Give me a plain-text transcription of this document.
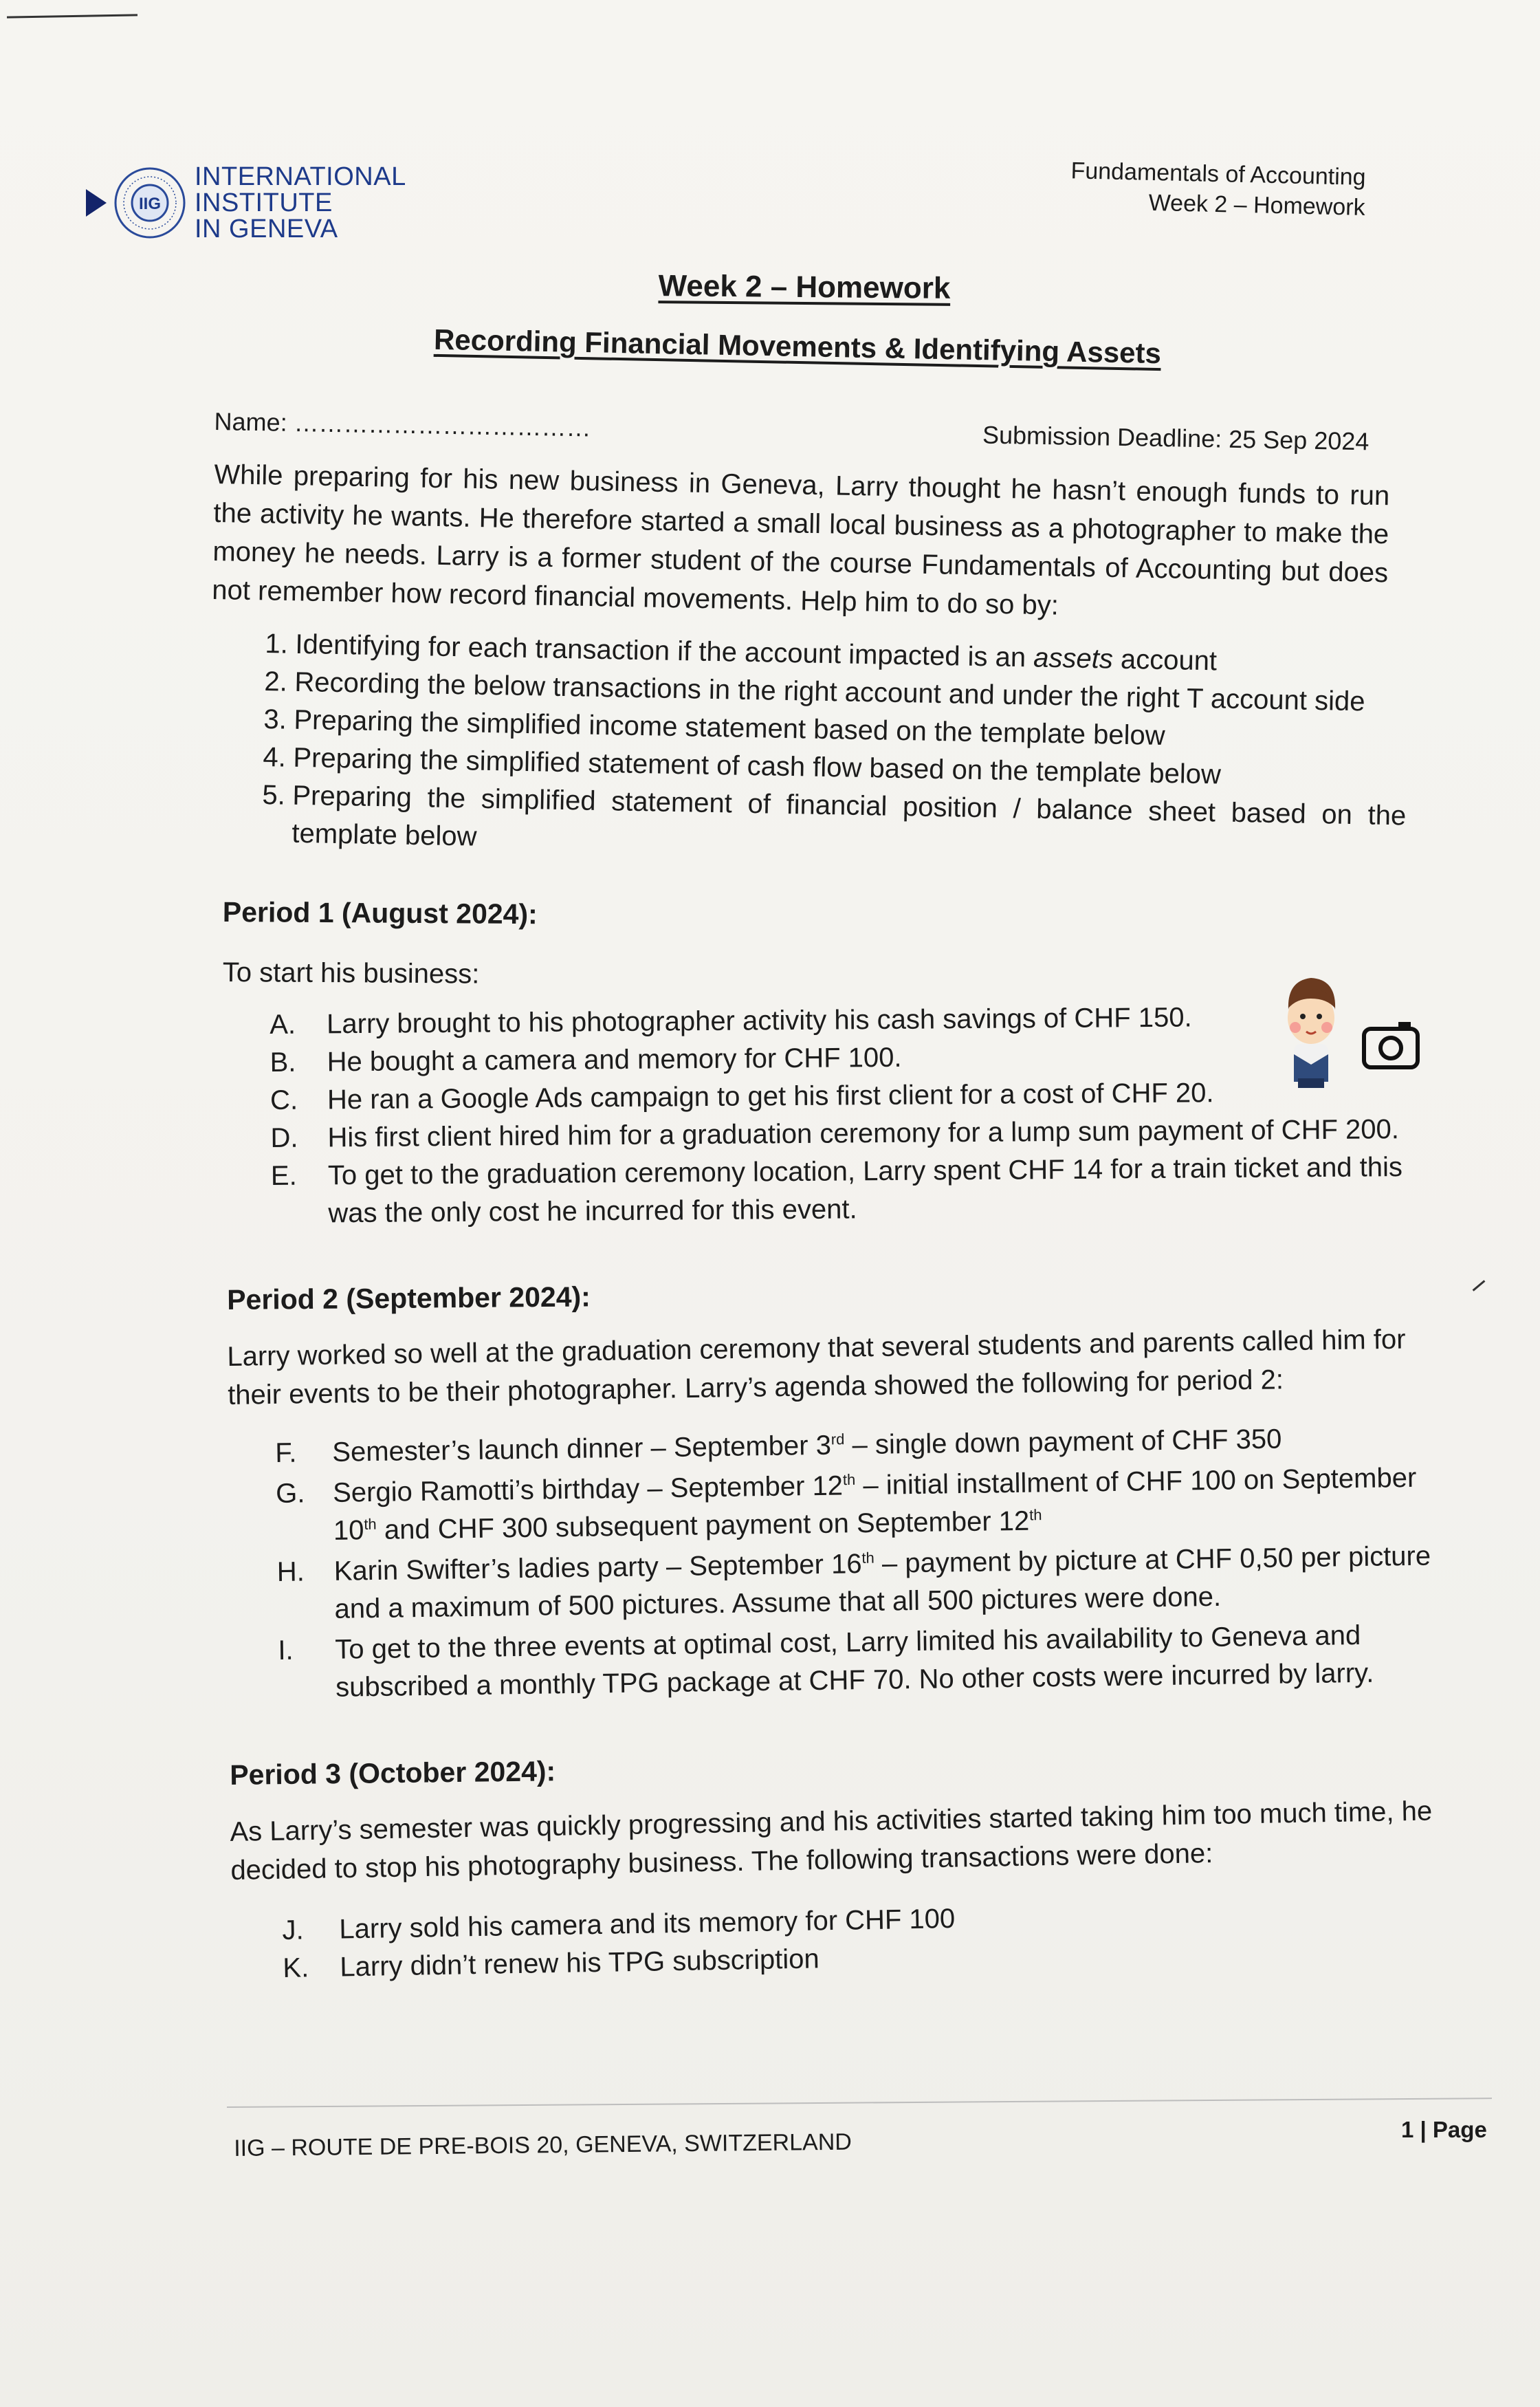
IIG
INTERNATIONAL
INSTITUTE
IN GENEVA
Fundamentals of Accounting
Week 2 – Homework
Week 2 – Homework
Recording Financial Movements & Identifying Assets
Name: ………………………………	Submission Deadline: 25 Sep 2024

While preparing for his new business in Geneva, Larry thought he hasn’t enough funds to run the activity he wants. He therefore started a small local business as a photographer to make the money he needs. Larry is a former student of the course Fundamentals of Accounting but does not remember how record financial movements. Help him to do so by:

1. Identifying for each transaction if the account impacted is an assets account
2. Recording the below transactions in the right account and under the right T account side
3. Preparing the simplified income statement based on the template below
4. Preparing the simplified statement of cash flow based on the template below
5. Preparing the simplified statement of financial position / balance sheet based on the template below
Period 1 (August 2024):
To start his business:
A. Larry brought to his photographer activity his cash savings of CHF 150.
B. He bought a camera and memory for CHF 100.
C. He ran a Google Ads campaign to get his first client for a cost of CHF 20.
D. His first client hired him for a graduation ceremony for a lump sum payment of CHF 200.
E. To get to the graduation ceremony location, Larry spent CHF 14 for a train ticket and this was the only cost he incurred for this event.
Period 2 (September 2024):

Larry worked so well at the graduation ceremony that several students and parents called him for their events to be their photographer. Larry’s agenda showed the following for period 2:

F. Semester’s launch dinner – September 3rd – single down payment of CHF 350
G. Sergio Ramotti’s birthday – September 12th – initial installment of CHF 100 on September 10th and CHF 300 subsequent payment on September 12th
H. Karin Swifter’s ladies party – September 16th – payment by picture at CHF 0,50 per picture and a maximum of 500 pictures. Assume that all 500 pictures were done.
I. To get to the three events at optimal cost, Larry limited his availability to Geneva and subscribed a monthly TPG package at CHF 70. No other costs were incurred by larry.
Period 3 (October 2024):

As Larry’s semester was quickly progressing and his activities started taking him too much time, he decided to stop his photography business. The following transactions were done:

J. Larry sold his camera and its memory for CHF 100
K. Larry didn’t renew his TPG subscription
IIG – ROUTE DE PRE-BOIS 20, GENEVA, SWITZERLAND	1 | Page
